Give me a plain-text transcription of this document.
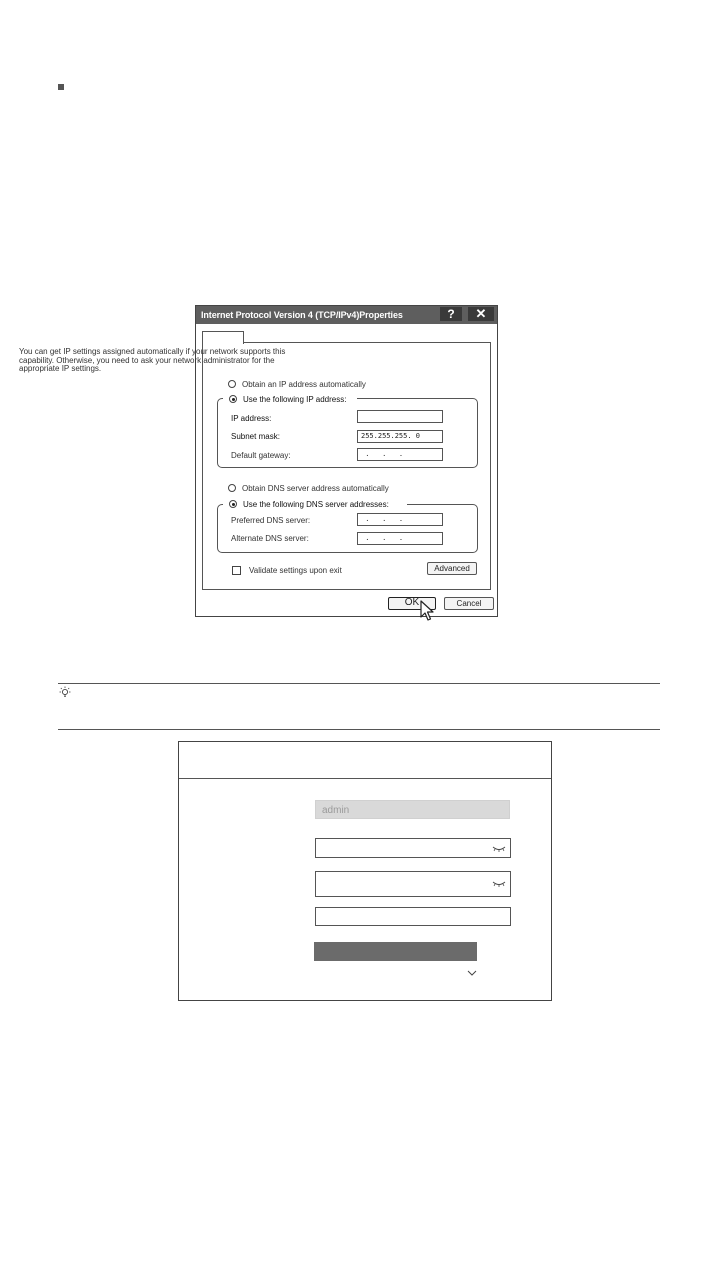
Internet Protocol Version 4 (TCP/IPv4)Properties	?	✕
You can get IP settings assigned automatically if your network supports this capability. Otherwise, you need to ask your network administrator for the appropriate IP settings.
Obtain an IP address automatically
Use the following IP address:
IP address:
Subnet mask:	255.255.255. 0
Default gateway:	.   .   .
Obtain DNS server address automatically
Use the following DNS server addresses:
Preferred DNS server:	.   .   .
Alternate DNS server:	.   .   .
Validate settings upon exit	Advanced
OK	Cancel
admin
